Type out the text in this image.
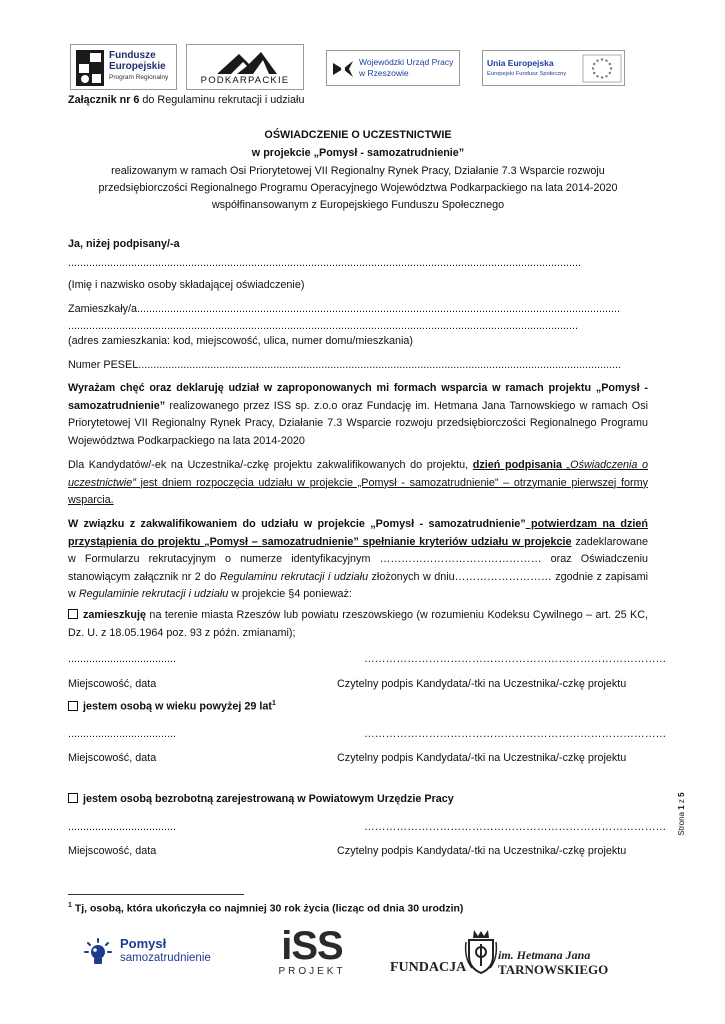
Fundusze
Europejskie
Program Regionalny	PODKARPACKIE
Wojewódzki Urząd Pracy
w Rzeszowie
Unia Europejska
Europejski Fundusz Społeczny
Załącznik nr 6 do Regulaminu rekrutacji i udziału
OŚWIADCZENIE O UCZESTNICTWIE
w projekcie „Pomysł - samozatrudnienie”
realizowanym w ramach Osi Priorytetowej VII Regionalny Rynek Pracy, Działanie 7.3 Wsparcie rozwoju
przedsiębiorczości Regionalnego Programu Operacyjnego Województwa Podkarpackiego na lata 2014-2020
współfinansowanym z Europejskiego Funduszu Społecznego
Ja, niżej podpisany/-a
...........................................................................................................................................................................
(Imię i nazwisko osoby składającej oświadczenie)
Zamieszkały/a.................................................................................................................................................................
..........................................................................................................................................................................
(adres zamieszkania: kod, miejscowość, ulica, numer domu/mieszkania)
Numer PESEL.................................................................................................................................................................
Wyrażam chęć oraz deklaruję udział w zaproponowanych mi formach wsparcia w ramach projektu „Pomysł - samozatrudnienie” realizowanego przez ISS sp. z.o.o oraz Fundację im. Hetmana Jana Tarnowskiego w ramach Osi Priorytetowej VII Regionalny Rynek Pracy, Działanie 7.3 Wsparcie rozwoju przedsiębiorczości Regionalnego Programu Województwa Podkarpackiego na lata 2014-2020
Dla Kandydatów/-ek na Uczestnika/-czkę projektu zakwalifikowanych do projektu, dzień podpisania „Oświadczenia o uczestnictwie” jest dniem rozpoczęcia udziału w projekcie „Pomysł - samozatrudnienie” – otrzymanie pierwszej formy wsparcia.
W związku z zakwalifikowaniem do udziału w projekcie „Pomysł - samozatrudnienie” potwierdzam na dzień przystąpienia do projektu „Pomysł – samozatrudnienie” spełnianie kryteriów udziału w projekcie zadeklarowane w Formularzu rekrutacyjnym o numerze identyfikacyjnym ……………………………………… oraz Oświadczeniu stanowiącym załącznik nr 2 do Regulaminu rekrutacji i udziału złożonych w dniu……………………… zgodnie z zapisami w Regulaminie rekrutacji i udziału w projekcie §4 ponieważ:
zamieszkuję na terenie miasta Rzeszów lub powiatu rzeszowskiego (w rozumieniu Kodeksu Cywilnego – art. 25 KC, Dz. U. z 18.05.1964 poz. 93 z późn. zmianami);
....................................	…………………………………………………………………………
Miejscowość, data	Czytelny podpis Kandydata/-tki na Uczestnika/-czkę projektu
jestem osobą w wieku powyżej 29 lat$^1$
....................................	…………………………………………………………………………
Miejscowość, data	Czytelny podpis Kandydata/-tki na Uczestnika/-czkę projektu
jestem osobą bezrobotną zarejestrowaną w Powiatowym Urzędzie Pracy
....................................	…………………………………………………………………………
Miejscowość, data	Czytelny podpis Kandydata/-tki na Uczestnika/-czkę projektu
Strona 1 z 5
$^1$ Tj, osobą, która ukończyła co najmniej 30 rok życia (licząc od dnia 30 urodzin)
Pomysł
samozatrudnienie iSS
PROJEKT	FUNDACJA
im. Hetmana Jana
TARNOWSKIEGO
